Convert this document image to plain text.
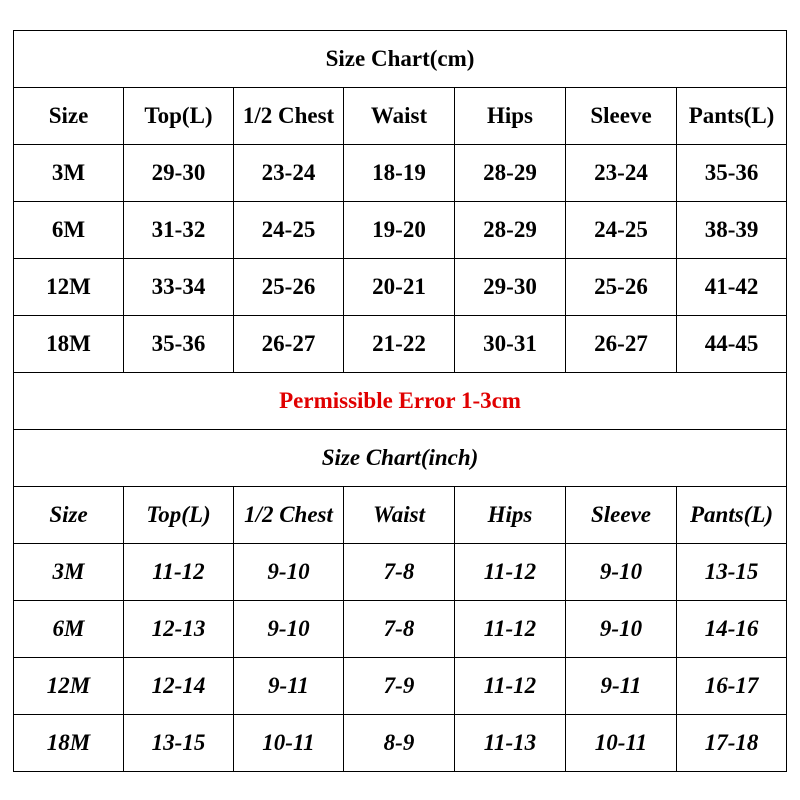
Size Chart(cm)						
Size	Top(L)	1/2 Chest	Waist	Hips	Sleeve	Pants(L)
3M	29-30	23-24	18-19	28-29	23-24	35-36
6M	31-32	24-25	19-20	28-29	24-25	38-39
12M	33-34	25-26	20-21	29-30	25-26	41-42
18M	35-36	26-27	21-22	30-31	26-27	44-45
Permissible Error 1-3cm						
Size Chart(inch)						
Size	Top(L)	1/2 Chest	Waist	Hips	Sleeve	Pants(L)
3M	11-12	9-10	7-8	11-12	9-10	13-15
6M	12-13	9-10	7-8	11-12	9-10	14-16
12M	12-14	9-11	7-9	11-12	9-11	16-17
18M	13-15	10-11	8-9	11-13	10-11	17-18
